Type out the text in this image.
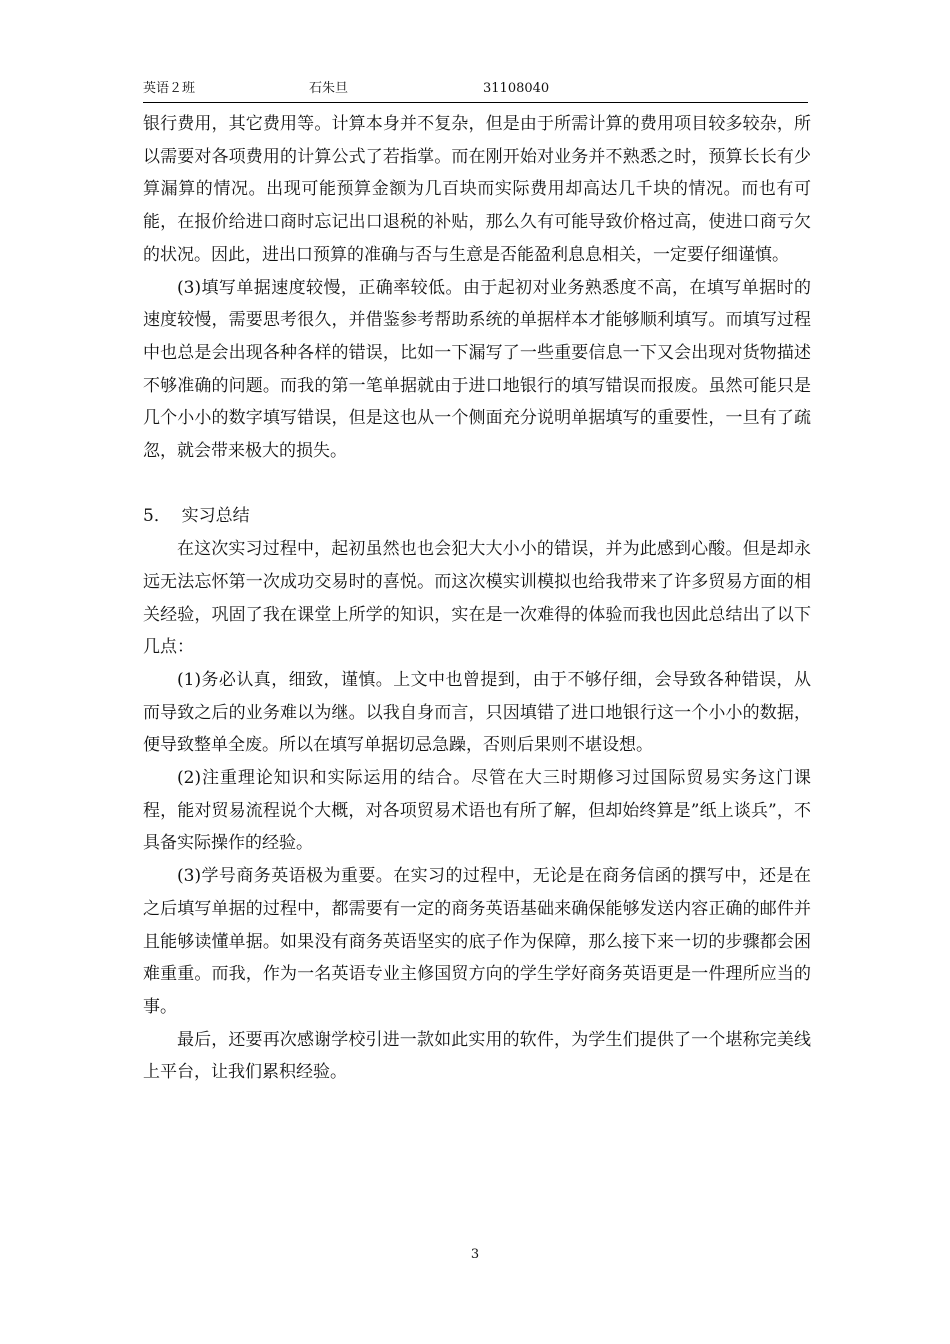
英语２班	石朱旦	31108040

银行费用，其它费用等。计算本身并不复杂，但是由于所需计算的费用项目较多较杂，所以需要对各项费用的计算公式了若指掌。而在刚开始对业务并不熟悉之时，预算长长有少算漏算的情况。出现可能预算金额为几百块而实际费用却高达几千块的情况。而也有可能，在报价给进口商时忘记出口退税的补贴，那么久有可能导致价格过高，使进口商亏欠的状况。因此，进出口预算的准确与否与生意是否能盈利息息相关，一定要仔细谨慎。

(3)填写单据速度较慢，正确率较低。由于起初对业务熟悉度不高，在填写单据时的速度较慢，需要思考很久，并借鉴参考帮助系统的单据样本才能够顺利填写。而填写过程中也总是会出现各种各样的错误，比如一下漏写了一些重要信息一下又会出现对货物描述不够准确的问题。而我的第一笔单据就由于进口地银行的填写错误而报废。虽然可能只是几个小小的数字填写错误，但是这也从一个侧面充分说明单据填写的重要性，一旦有了疏忽，就会带来极大的损失。

5．  实习总结

在这次实习过程中，起初虽然也也会犯大大小小的错误，并为此感到心酸。但是却永远无法忘怀第一次成功交易时的喜悦。而这次模实训模拟也给我带来了许多贸易方面的相关经验，巩固了我在课堂上所学的知识，实在是一次难得的体验而我也因此总结出了以下几点：

(1)务必认真，细致，谨慎。上文中也曾提到，由于不够仔细，会导致各种错误，从而导致之后的业务难以为继。以我自身而言，只因填错了进口地银行这一个小小的数据，便导致整单全废。所以在填写单据切忌急躁，否则后果则不堪设想。

(2)注重理论知识和实际运用的结合。尽管在大三时期修习过国际贸易实务这门课程，能对贸易流程说个大概，对各项贸易术语也有所了解，但却始终算是”纸上谈兵”，不具备实际操作的经验。

(3)学号商务英语极为重要。在实习的过程中，无论是在商务信函的撰写中，还是在之后填写单据的过程中，都需要有一定的商务英语基础来确保能够发送内容正确的邮件并且能够读懂单据。如果没有商务英语坚实的底子作为保障，那么接下来一切的步骤都会困难重重。而我，作为一名英语专业主修国贸方向的学生学好商务英语更是一件理所应当的事。

最后，还要再次感谢学校引进一款如此实用的软件，为学生们提供了一个堪称完美线上平台，让我们累积经验。

3
